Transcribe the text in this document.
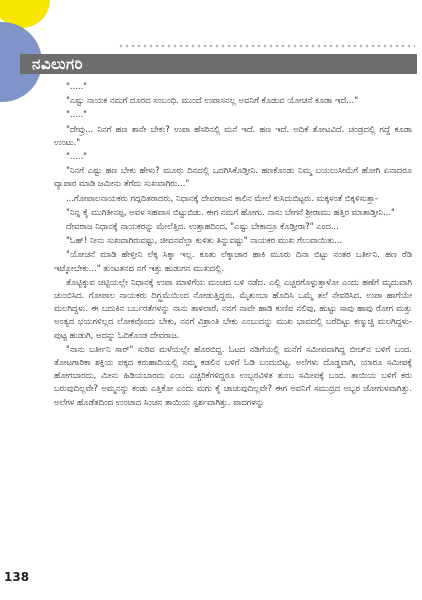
ನವಿಲುಗರಿ

"....."

"ಎಷ್ಟು ನಾಯಕ ನಮಗೆ ದೂರದ ಸಂಬಂಧಿ. ಮುಂದೆ ಉಪಾಸನಲ್ಲ ಅವನಿಗೆ ಕೊಡುವ ಯೋಚನೆ ಕೂಡಾ ಇದೆ..."

"....."

"ದೇವ್ರು... ನಿನಗೆ ಹಣ ತಾನೇ ಬೇಕು? ಉಪಾ ಹೆಸರಿನಲ್ಲಿ ಮನೆ ಇದೆ. ಹಣ ಇದೆ. ಅದಿಕೆ ತೋಟವಿದೆ. ಚಂಡ್ರದಲ್ಲಿ ಗದ್ದೆ ಕೂಡಾ ಉಂಟು."

"....."

"ನಿನಗೆ ಎಷ್ಟು ಹಣ ಬೇಕು ಹೇಳು? ಮೂರು ದಿನದಲ್ಲಿ ಒದಗಿಸಿಕೊಡ್ತೀನಿ. ಹಣಕೊಂಡು ನಿಮ್ಮ ಬಯಲುಸೀಮೆಗೆ ಹೋಗಿ ಏನಾದರೂ ವ್ಯಾಪಾರ ಮಾಡಿ ಜಮೀನು ತೆಗೆದು ಸುಖವಾಗಿರು..."

...ಗೋಪಾಲನಾಯಕರು ಗದ್ಗದಿತರಾದರು, ನಿಧಾನಕ್ಕೆ ದೇವರಾಜನ ಕಾಲಿನ ಮೇಲೆ ಕುಸಿದುಬಿಟ್ಟರು. ಮಕ್ಕಳಂತೆ ಬಿಕ್ಕಳಿಸುತ್ತಾ-

"ನಿನ್ನ ಕೈ ಮುಗಿತೀನಪ್ಪ, ಅವಳ ಸಹವಾಸ ಬಿಟ್ಟುಬಿಡು. ಈಗ ನಮಗೆ ಹೋಗು. ನಾನು ಬೇಗನೆ ಶ್ರೀರಾಮು ಹತ್ತಿರ ಮಾತಾಡ್ತೀನಿ..."

ದೇವರಾಜ ನಿಧಾನಕ್ಕೆ ನಾಯಕರನ್ನು ಮೇಲೆತ್ತಿದ. ಉತ್ತಾಹದಿಂದ, "ಎಷ್ಟು ಬೇಕಾದ್ರೂ ಕೊಡ್ತೀರಾ?" ಎಂದ...

"ಓಹ್! ನೀನು ಸುಖವಾಗಿರುವಷ್ಟು, ಜೀವನವೆಲ್ಲಾ ಕುಳಿತು ತಿನ್ನುವಷ್ಟು" ನಾಯಕರ ಮುಖ ಗೆಲುವಾಯಿತು...

"ಯೋಚನೆ ಮಾಡಿ ಹೇಳ್ತೀನಿ ಲೆಕ್ಕ ಸಿಕ್ಕಾ ಇಲ್ಲ. ಕೂತು ಲೆಕ್ಕಾಚಾರ ಹಾಕಿ ಮೂರು ದಿನಾ ಬಿಟ್ಟು ನಂತರ ಬರ್ತೀನಿ. ಹಣ ರೆಡಿ ಇಟ್ಕೋಬೇಕು..." ತುಂಟತನದ ನಗೆ ಇತ್ತು ಹುಡುಗನ ಮುಖದಲ್ಲಿ.

ತೊಟ್ಟಿಕ್ಕುವ ಚಟ್ಟಿಯಲ್ಲೇ ನಿಧಾನಕ್ಕೆ ಉಪಾ ಮಾಳಿಗೆಯ ಮಂಚದ ಬಳಿ ನಡೆದ. ಎಲ್ಲಿ ಎಚ್ಚರಗೊಳ್ಳುತ್ತಾಳೋ ಎಂದು ಹಣೆಗೆ ಮೃದುವಾಗಿ ಚುಂಬಿಸಿದ. ಗೋಪಾಲ ನಾಯಕರು ದಿಗ್ಭ್ರಮೆಯಿಂದ ನೋಡುತ್ತಿದ್ದರು. ಮೈತುಂಬಾ ಹೊದಿಸಿ ಒಮ್ಮೆ ತಲೆ ನೇವರಿಸಿದ. ಉಪಾ ಹಾಗೆಯೇ ಮಲಗಿದ್ದಳು. ಈ ಬದುಕಿನ ಬರ್ಬರತೆಗಳನ್ನು ನಾನು ತಾಳಲಾರೆ. ನನಗೆ ನಾವೇ ಹಾಡಿ ಕುಣಿವ ನಲಿವು, ಹುಟ್ಟು ಸಾವು ಹಾವು ರೋಗ ಮತ್ತು ಅಂತ್ಯದ ಭಯಗಳಿಲ್ಲದ ಲೋಕವೊಂದು ಬೇಕು, ನನಗೆ ವಿಶ್ರಾಂತಿ ಬೇಕು ಎಂಬುದನ್ನು ಮುಖ ಭಾವದಲ್ಲಿ ಬರೆದಿಟ್ಟು ಕಣ್ಮುಚ್ಚಿ ಮಲಗಿದ್ದಳು-ಪುಟ್ಟ ಹುಡುಗಿ, ಅದನ್ನು ಓದಿಕೊಂಡ ದೇವರಾಜ.

"ನಾನು ಬರ್ತೀನಿ ಸಾರ್" ಸುರಿವ ಮಳೆಯಲ್ಲೇ ಹೊರಬಿದ್ದ. ಓಟದ ನಡಿಗೆಯಲ್ಲಿ ಮನೆಗೆ ಸಮೀಪವಾಗಿದ್ದ ಬೀಚ್‌ನ ಬಳಿಗೆ ಬಂದ. ತೋಟಗಾರಿಕಾ ಶಕ್ತಿಯ ಪಕ್ಕದ ಕರುಹಾದಿಯಲ್ಲಿ ನಮ್ಮ ಕಡಲಿನ ಬಳಿಗೆ ಓಡಿ ಬಂದುಬಿಟ್ಟ. ಅಲೆಗಳು ದೊಡ್ಡವಾಗಿ, ಯಾರೂ ಸಮೀಪಕ್ಕೆ ಹೋಗಬಾರದು, ಮೀನು ಹಿಡಿಯಬಾರದು ಎಂಬ ಎಚ್ಚರಿಕೆಗಳಿದ್ದರೂ ಉಬ್ಬರವಿಳಿತ ತುಂಬ ಸಮೀಪಕ್ಕೆ ಬಂದ. ತಾಯಿಯ ಬಳಿಗೆ ಕರು ಬರುವುದಿಲ್ಲವೇ? ಅಮ್ಮನನ್ನು ಕಂಡು ಎತ್ತಿಕೋ ಎಂದು ಮಗು ಕೈ ಚಾಚುವುದಿಲ್ಲವೇ? ಈಗ ಅವನಿಗೆ ಸಮುದ್ರದ ಅಬ್ಬರ ಜೋಗುಳವಾಗಿತ್ತು. ಅಲೆಗಳ ಹೊಡೆತದಿಂದ ಉಂಟಾದ ಸಿಂಚನ ತಾಯಿಯ ಸ್ಪರ್ಶವಾಗಿತ್ತು. ಪಾದಗಳನ್ನು

138
